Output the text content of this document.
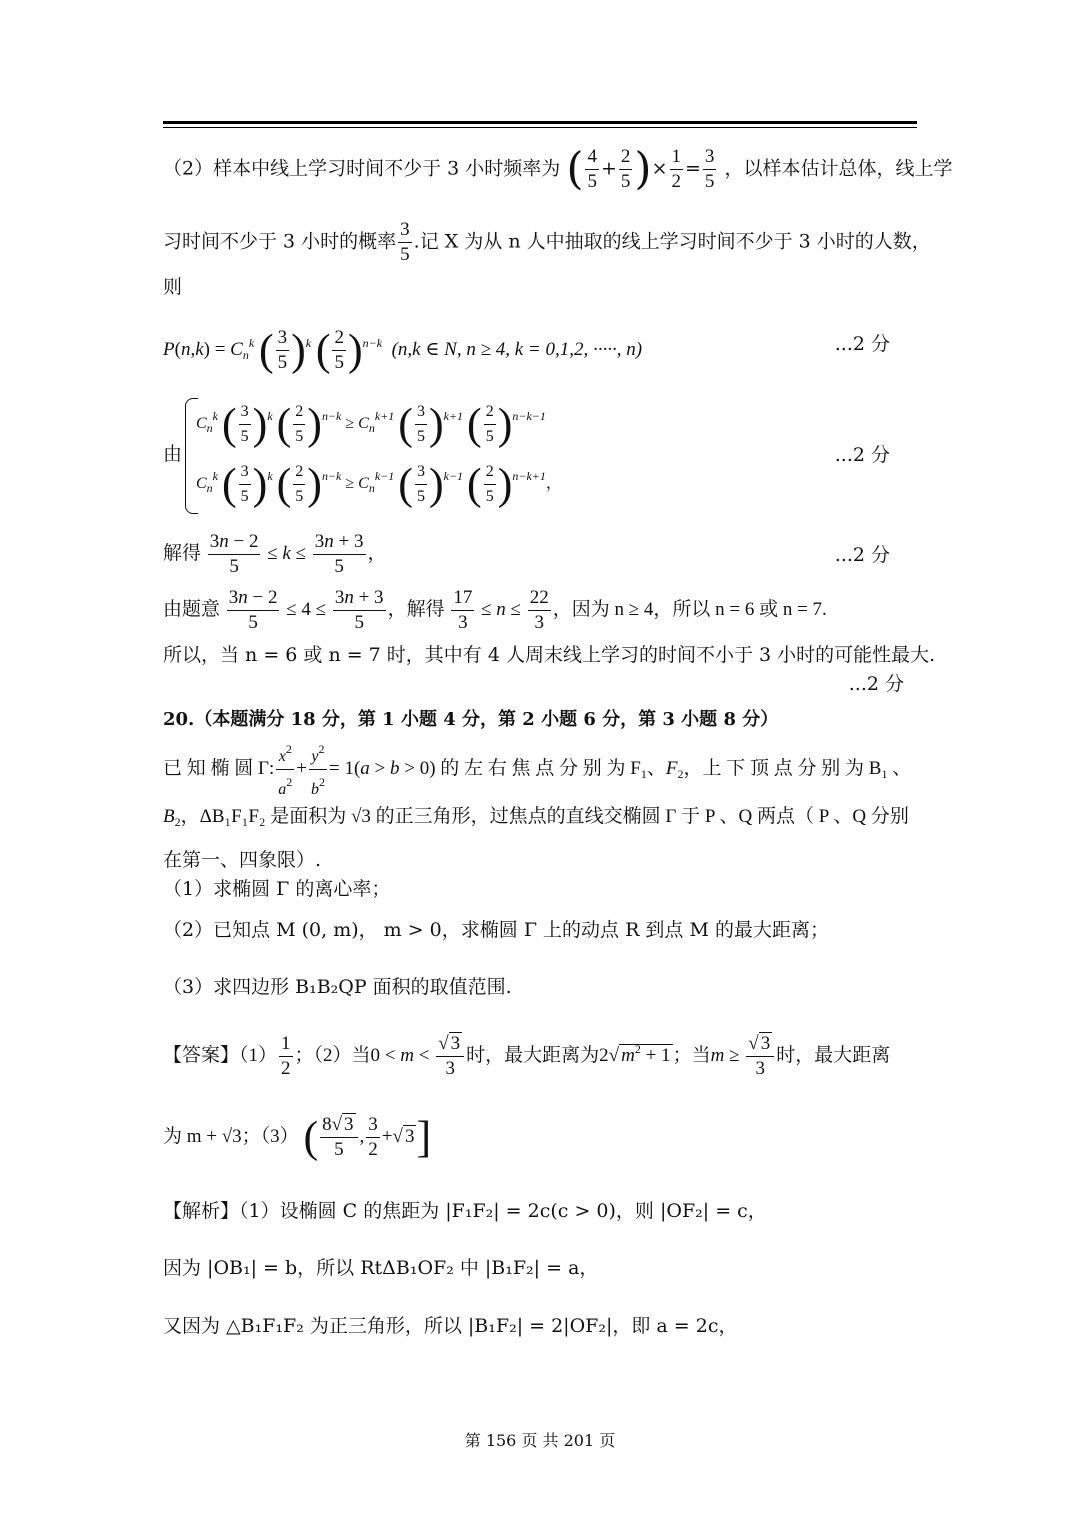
（2）样本中线上学习时间不少于 3 小时频率为 ( $\frac{4}{5} + \frac{2}{5}$ )× $\frac{1}{2} = \frac{3}{5}$ ，以样本估计总体，线上学
习时间不少于 3 小时的概率 $\frac{3}{5}$ .记 X 为从 n 人中抽取的线上学习时间不少于 3 小时的人数，
则
$P(n,k) = C_n^k$ ( $\frac{3}{5} )^k$ ( $\frac{2}{5} )^{n-k}$ (n,k ∈ N, n ≥ 4, k = 0,1,2, ·····, n)	...2 分
由
$C_n^k$ ( $\frac{3}{5} )^k$ ( $\frac{2}{5} )^{n-k} \ge C_n^{k+1}$ ( $\frac{3}{5} )^{k+1}$ ( $\frac{2}{5} )^{n-k-1}$
$C_n^k$ ( $\frac{3}{5} )^k$ ( $\frac{2}{5} )^{n-k} \ge C_n^{k-1}$ ( $\frac{3}{5} )^{k-1}$ ( $\frac{2}{5} )^{n-k+1}$，
...2 分
解得 $\frac{3n - 2}{5} \le k \le \frac{3n + 3}{5}$ ，	...2 分
由题意 $\frac{3n - 2}{5} \le 4 \le \frac{3n + 3}{5}$ ，解得 $\frac{17}{3} \le n \le \frac{22}{3}$ ，因为 n ≥ 4，所以 n = 6 或 n = 7.
所以，当 n = 6 或 n = 7 时，其中有 4 人周末线上学习的时间不小于 3 小时的可能性最大.
...2 分
20.（本题满分 18 分，第 1 小题 4 分，第 2 小题 6 分，第 3 小题 8 分）
已 知 椭 圆 Γ: $\frac{x^2}{a^2} + \frac{y^2}{b^2} = 1(a > b > 0)$ 的 左 右 焦 点 分 别 为 $F_1$、$F_2$，上 下 顶 点 分 别 为 $B_1$ 、
$B_2$，ΔB₁F₁F₂ 是面积为 √3 的正三角形，过焦点的直线交椭圆 Γ 于 P 、Q 两点（ P 、Q 分别
在第一、四象限）.
（1）求椭圆 Γ 的离心率；
（2）已知点 M (0, m)， m > 0，求椭圆 Γ 上的动点 R 到点 M 的最大距离；
（3）求四边形 B₁B₂QP 面积的取值范围.
【答案】$(1) \frac{1}{2}$ ；（2）当$0 < m < \frac{√ 3}{3}$ 时，最大距离为2√ $m^2 + 1$ ；当$m \ge \frac{√ 3}{3}$ 时，最大距离
为 m + √3；（3） ( $\frac{8√ 3}{5}$ , $\frac{3}{2}$ +√ 3]
【解析】（1）设椭圆 C 的焦距为 |F₁F₂| = 2c(c > 0)，则 |OF₂| = c，
因为 |OB₁| = b，所以 RtΔB₁OF₂ 中 |B₁F₂| = a，
又因为 △B₁F₁F₂ 为正三角形，所以 |B₁F₂| = 2|OF₂|，即 a = 2c，
第 156 页 共 201 页
